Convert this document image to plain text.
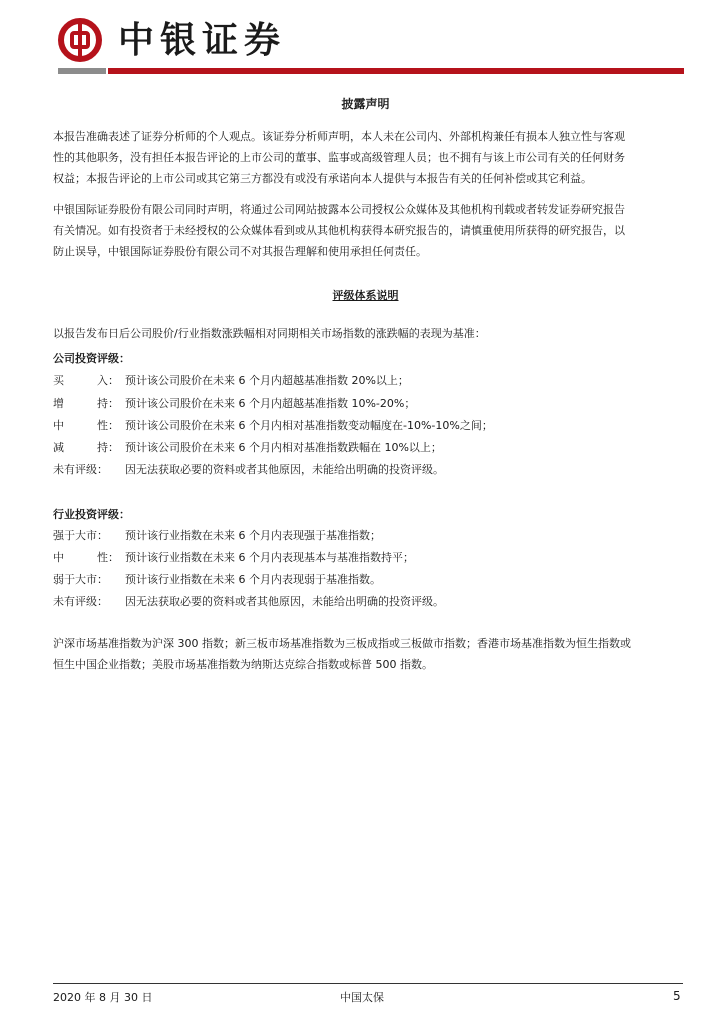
中银证券
披露声明
本报告准确表述了证券分析师的个人观点。该证券分析师声明，本人未在公司内、外部机构兼任有损本人独立性与客观
性的其他职务，没有担任本报告评论的上市公司的董事、监事或高级管理人员；也不拥有与该上市公司有关的任何财务
权益；本报告评论的上市公司或其它第三方都没有或没有承诺向本人提供与本报告有关的任何补偿或其它利益。
中银国际证券股份有限公司同时声明，将通过公司网站披露本公司授权公众媒体及其他机构刊载或者转发证券研究报告
有关情况。如有投资者于未经授权的公众媒体看到或从其他机构获得本研究报告的，请慎重使用所获得的研究报告，以
防止误导，中银国际证券股份有限公司不对其报告理解和使用承担任何责任。
评级体系说明
以报告发布日后公司股价/行业指数涨跌幅相对同期相关市场指数的涨跌幅的表现为基准：
公司投资评级：
买　　　入： 预计该公司股价在未来 6 个月内超越基准指数 20%以上；
增　　　持： 预计该公司股价在未来 6 个月内超越基准指数 10%-20%；
中　　　性： 预计该公司股价在未来 6 个月内相对基准指数变动幅度在-10%-10%之间；
减　　　持： 预计该公司股价在未来 6 个月内相对基准指数跌幅在 10%以上；
未有评级： 因无法获取必要的资料或者其他原因，未能给出明确的投资评级。
行业投资评级：
强于大市： 预计该行业指数在未来 6 个月内表现强于基准指数；
中　　　性： 预计该行业指数在未来 6 个月内表现基本与基准指数持平；
弱于大市： 预计该行业指数在未来 6 个月内表现弱于基准指数。
未有评级： 因无法获取必要的资料或者其他原因，未能给出明确的投资评级。
沪深市场基准指数为沪深 300 指数；新三板市场基准指数为三板成指或三板做市指数；香港市场基准指数为恒生指数或
恒生中国企业指数；美股市场基准指数为纳斯达克综合指数或标普 500 指数。
2020 年 8 月 30 日	中国太保	5
